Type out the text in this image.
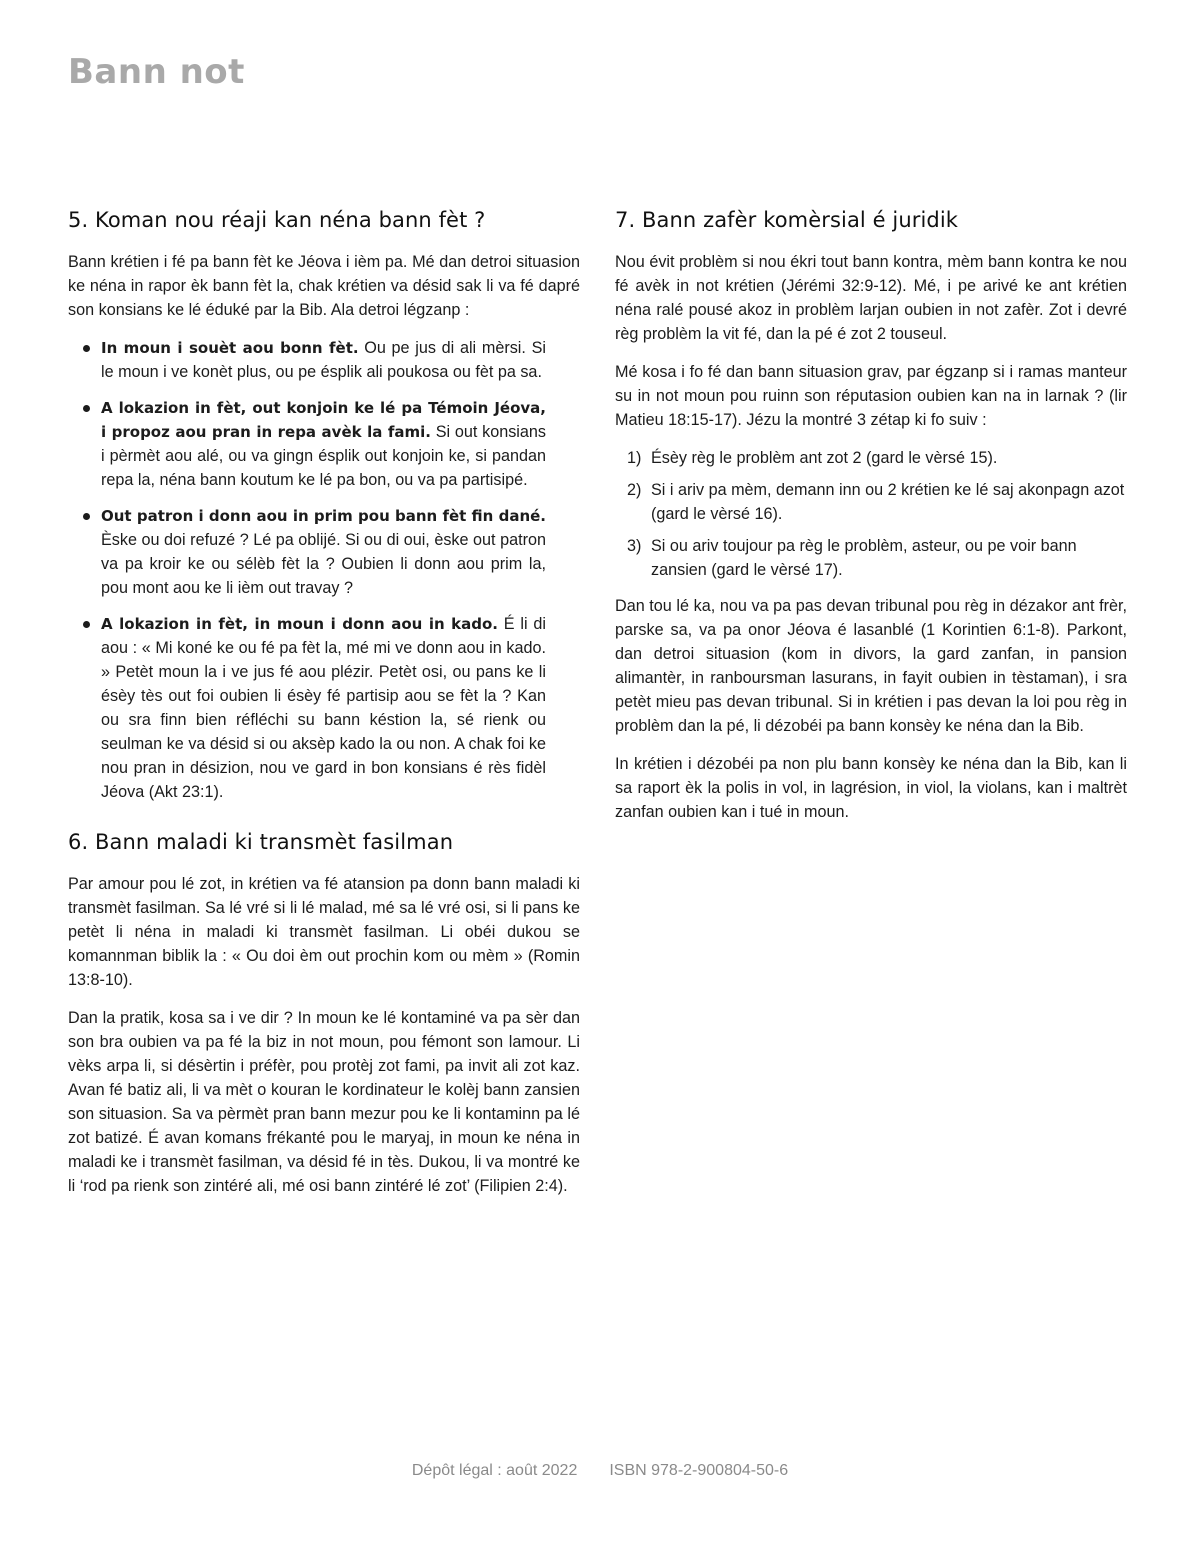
Bann not
5. Koman nou réaji kan néna bann fèt ?

Bann krétien i fé pa bann fèt ke Jéova i ièm pa. Mé dan detroi situasion ke néna in rapor èk bann fèt la, chak krétien va désid sak li va fé dapré son konsians ke lé éduké par la Bib. Ala detroi légzanp :

In moun i souèt aou bonn fèt. Ou pe jus di ali mèrsi. Si le moun i ve konèt plus, ou pe ésplik ali poukosa ou fèt pa sa.
A lokazion in fèt, out konjoin ke lé pa Témoin Jéova, i propoz aou pran in repa avèk la fami. Si out konsians i pèrmèt aou alé, ou va gingn ésplik out konjoin ke, si pandan repa la, néna bann koutum ke lé pa bon, ou va pa partisipé.
Out patron i donn aou in prim pou bann fèt fin dané. Èske ou doi refuzé ? Lé pa oblijé. Si ou di oui, èske out patron va pa kroir ke ou sélèb fèt la ? Oubien li donn aou prim la, pou mont aou ke li ièm out travay ?
A lokazion in fèt, in moun i donn aou in kado. É li di aou : « Mi koné ke ou fé pa fèt la, mé mi ve donn aou in kado. » Petèt moun la i ve jus fé aou plézir. Petèt osi, ou pans ke li ésèy tès out foi oubien li ésèy fé partisip aou se fèt la ? Kan ou sra finn bien réfléchi su bann késtion la, sé rienk ou seulman ke va désid si ou aksèp kado la ou non. A chak foi ke nou pran in désizion, nou ve gard in bon konsians é rès fidèl Jéova (Akt 23:1).
6. Bann maladi ki transmèt fasilman

Par amour pou lé zot, in krétien va fé atansion pa donn bann maladi ki transmèt fasilman. Sa lé vré si li lé malad, mé sa lé vré osi, si li pans ke petèt li néna in maladi ki transmèt fasilman. Li obéi dukou se komannman biblik la : « Ou doi èm out prochin kom ou mèm » (Romin 13:8-10).

Dan la pratik, kosa sa i ve dir ? In moun ke lé kontaminé va pa sèr dan son bra oubien va pa fé la biz in not moun, pou fémont son lamour. Li vèks arpa li, si désèrtin i préfèr, pou protèj zot fami, pa invit ali zot kaz. Avan fé batiz ali, li va mèt o kouran le kordinateur le kolèj bann zansien son situasion. Sa va pèrmèt pran bann mezur pou ke li kontaminn pa lé zot batizé. É avan komans frékanté pou le maryaj, in moun ke néna in maladi ke i transmèt fasilman, va désid fé in tès. Dukou, li va montré ke li ‘rod pa rienk son zintéré ali, mé osi bann zintéré lé zot’ (Filipien 2:4).

7. Bann zafèr komèrsial é juridik

Nou évit problèm si nou ékri tout bann kontra, mèm bann kontra ke nou fé avèk in not krétien (Jérémi 32:9-12). Mé, i pe arivé ke ant krétien néna ralé pousé akoz in problèm larjan oubien in not zafèr. Zot i devré règ problèm la vit fé, dan la pé é zot 2 touseul.

Mé kosa i fo fé dan bann situasion grav, par égzanp si i ramas manteur su in not moun pou ruinn son réputasion oubien kan na in larnak ? (lir Matieu 18:15-17). Jézu la montré 3 zétap ki fo suiv :

1) Ésèy règ le problèm ant zot 2 (gard le vèrsé 15).
2) Si i ariv pa mèm, demann inn ou 2 krétien ke lé saj akonpagn azot (gard le vèrsé 16).
3) Si ou ariv toujour pa règ le problèm, asteur, ou pe voir bann zansien (gard le vèrsé 17).

Dan tou lé ka, nou va pa pas devan tribunal pou règ in dézakor ant frèr, parske sa, va pa onor Jéova é lasanblé (1 Korintien 6:1-8). Parkont, dan detroi situasion (kom in divors, la gard zanfan, in pansion alimantèr, in ranboursman lasurans, in fayit oubien in tèstaman), i sra petèt mieu pas devan tribunal. Si in krétien i pas devan la loi pou règ in problèm dan la pé, li dézobéi pa bann konsèy ke néna dan la Bib.

In krétien i dézobéi pa non plu bann konsèy ke néna dan la Bib, kan li sa raport èk la polis in vol, in lagrésion, in viol, la violans, kan i maltrèt zanfan oubien kan i tué in moun.

Dépôt légal : août 2022 ISBN 978-2-900804-50-6
